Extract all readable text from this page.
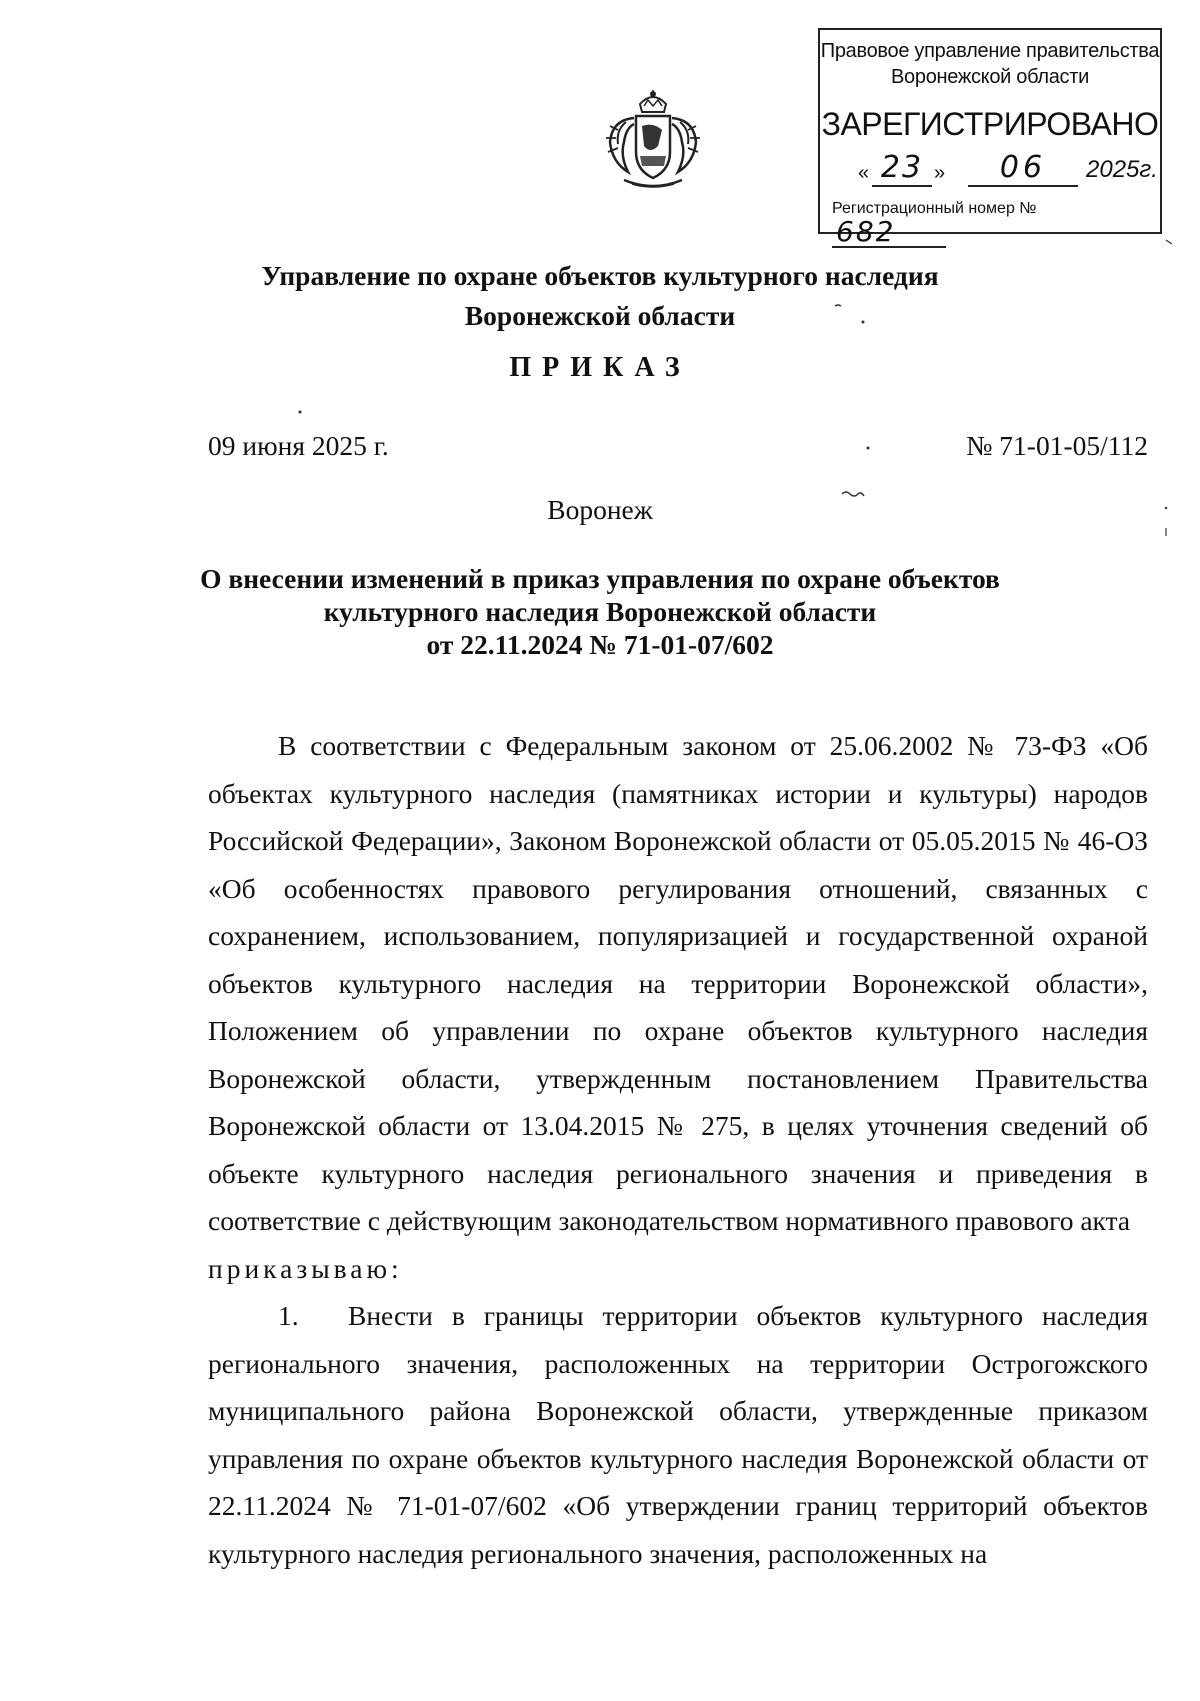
Правовое управление правительства
Воронежской области
ЗАРЕГИСТРИРОВАНО
« 23 »	06	2025г.
Регистрационный номер № 682
Управление по охране объектов культурного наследия
Воронежской области
ПРИКАЗ
09 июня 2025 г.	№ 71-01-05/112
Воронеж
О внесении изменений в приказ управления по охране объектов
культурного наследия Воронежской области
от 22.11.2024 № 71-01-07/602

В соответствии с Федеральным законом от 25.06.2002 № 73-ФЗ «Об объектах культурного наследия (памятниках истории и культуры) народов Российской Федерации», Законом Воронежской области от 05.05.2015 № 46-ОЗ «Об особенностях правового регулирования отношений, связанных с сохранением, использованием, популяризацией и государственной охраной объектов культурного наследия на территории Воронежской области», Положением об управлении по охране объектов культурного наследия Воронежской области, утвержденным постановлением Правительства Воронежской области от 13.04.2015 № 275, в целях уточнения сведений об объекте культурного наследия регионального значения и приведения в соответствие с действующим законодательством нормативного правового акта

приказываю:

1. Внести в границы территории объектов культурного наследия регионального значения, расположенных на территории Острогожского муниципального района Воронежской области, утвержденные приказом управления по охране объектов культурного наследия Воронежской области от 22.11.2024 № 71-01-07/602 «Об утверждении границ территорий объектов культурного наследия регионального значения, расположенных на
